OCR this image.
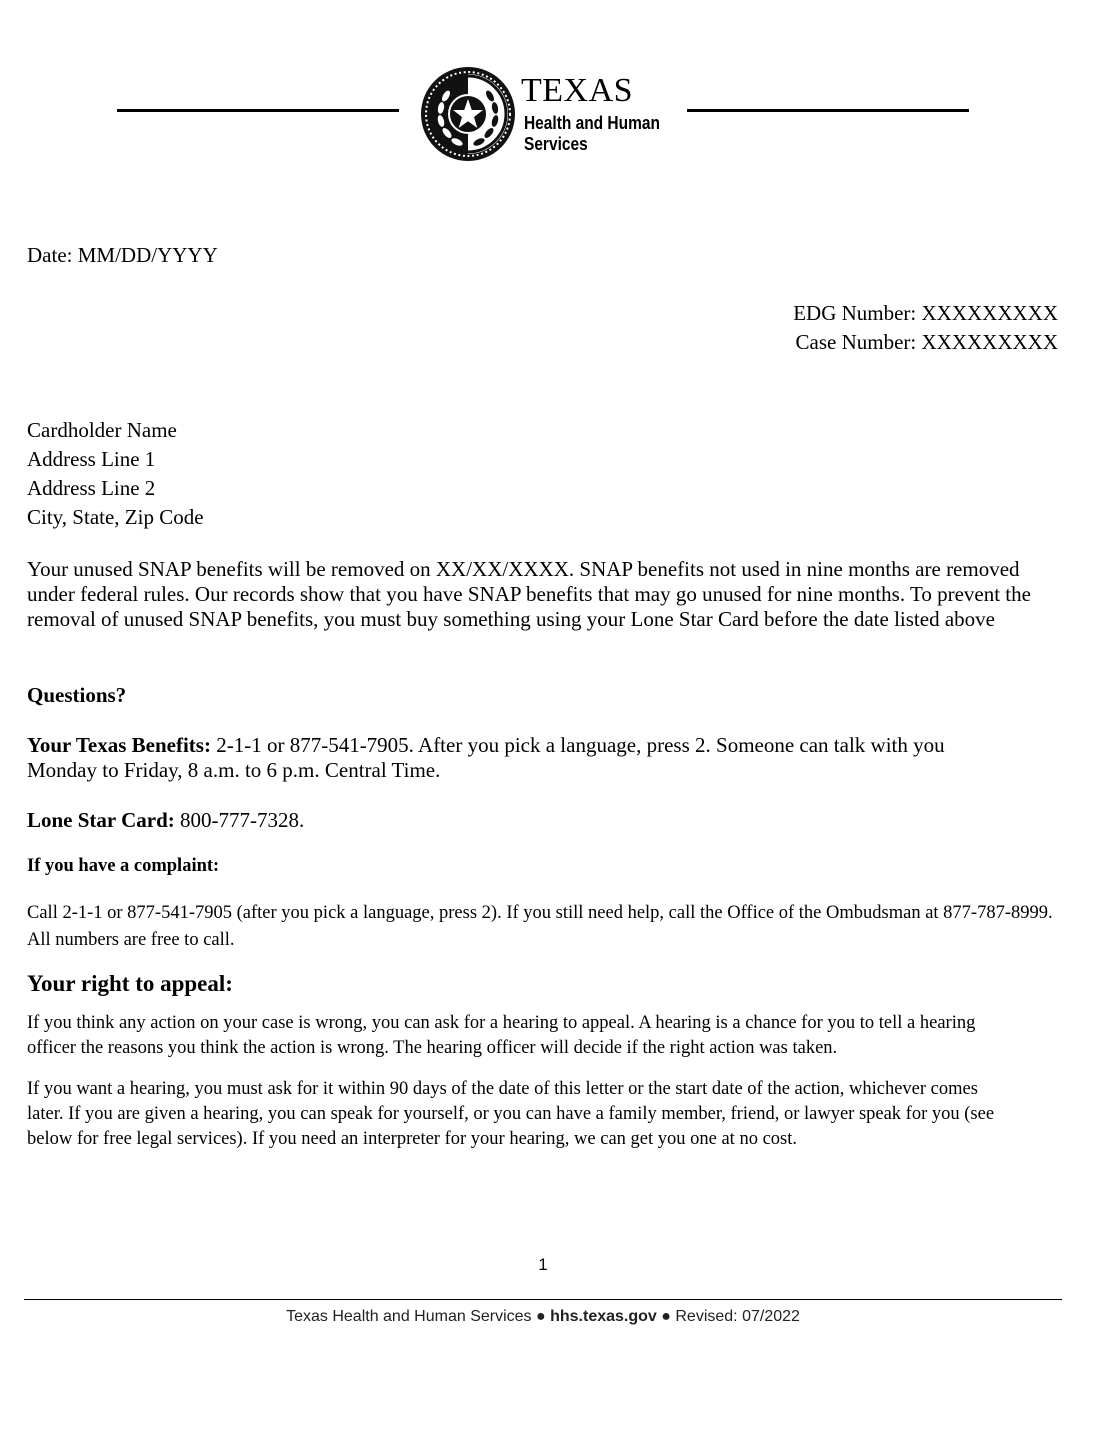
TEXAS
Health and Human
Services
Date: MM/DD/YYYY
EDG Number: XXXXXXXXX
Case Number: XXXXXXXXX
Cardholder Name
Address Line 1
Address Line 2
City, State, Zip Code
Your unused SNAP benefits will be removed on XX/XX/XXXX. SNAP benefits not used in nine months are removed under federal rules. Our records show that you have SNAP benefits that may go unused for nine months. To prevent the removal of unused SNAP benefits, you must buy something using your Lone Star Card before the date listed above
Questions?
Your Texas Benefits: 2-1-1 or 877-541-7905. After you pick a language, press 2. Someone can talk with you Monday to Friday, 8 a.m. to 6 p.m. Central Time.
Lone Star Card: 800-777-7328.
If you have a complaint:
Call 2-1-1 or 877-541-7905 (after you pick a language, press 2). If you still need help, call the Office of the Ombudsman at 877-787-8999. All numbers are free to call.
Your right to appeal:
If you think any action on your case is wrong, you can ask for a hearing to appeal. A hearing is a chance for you to tell a hearing officer the reasons you think the action is wrong. The hearing officer will decide if the right action was taken.
If you want a hearing, you must ask for it within 90 days of the date of this letter or the start date of the action, whichever comes later. If you are given a hearing, you can speak for yourself, or you can have a family member, friend, or lawyer speak for you (see below for free legal services). If you need an interpreter for your hearing, we can get you one at no cost.
1
Texas Health and Human Services ● hhs.texas.gov ● Revised: 07/2022
